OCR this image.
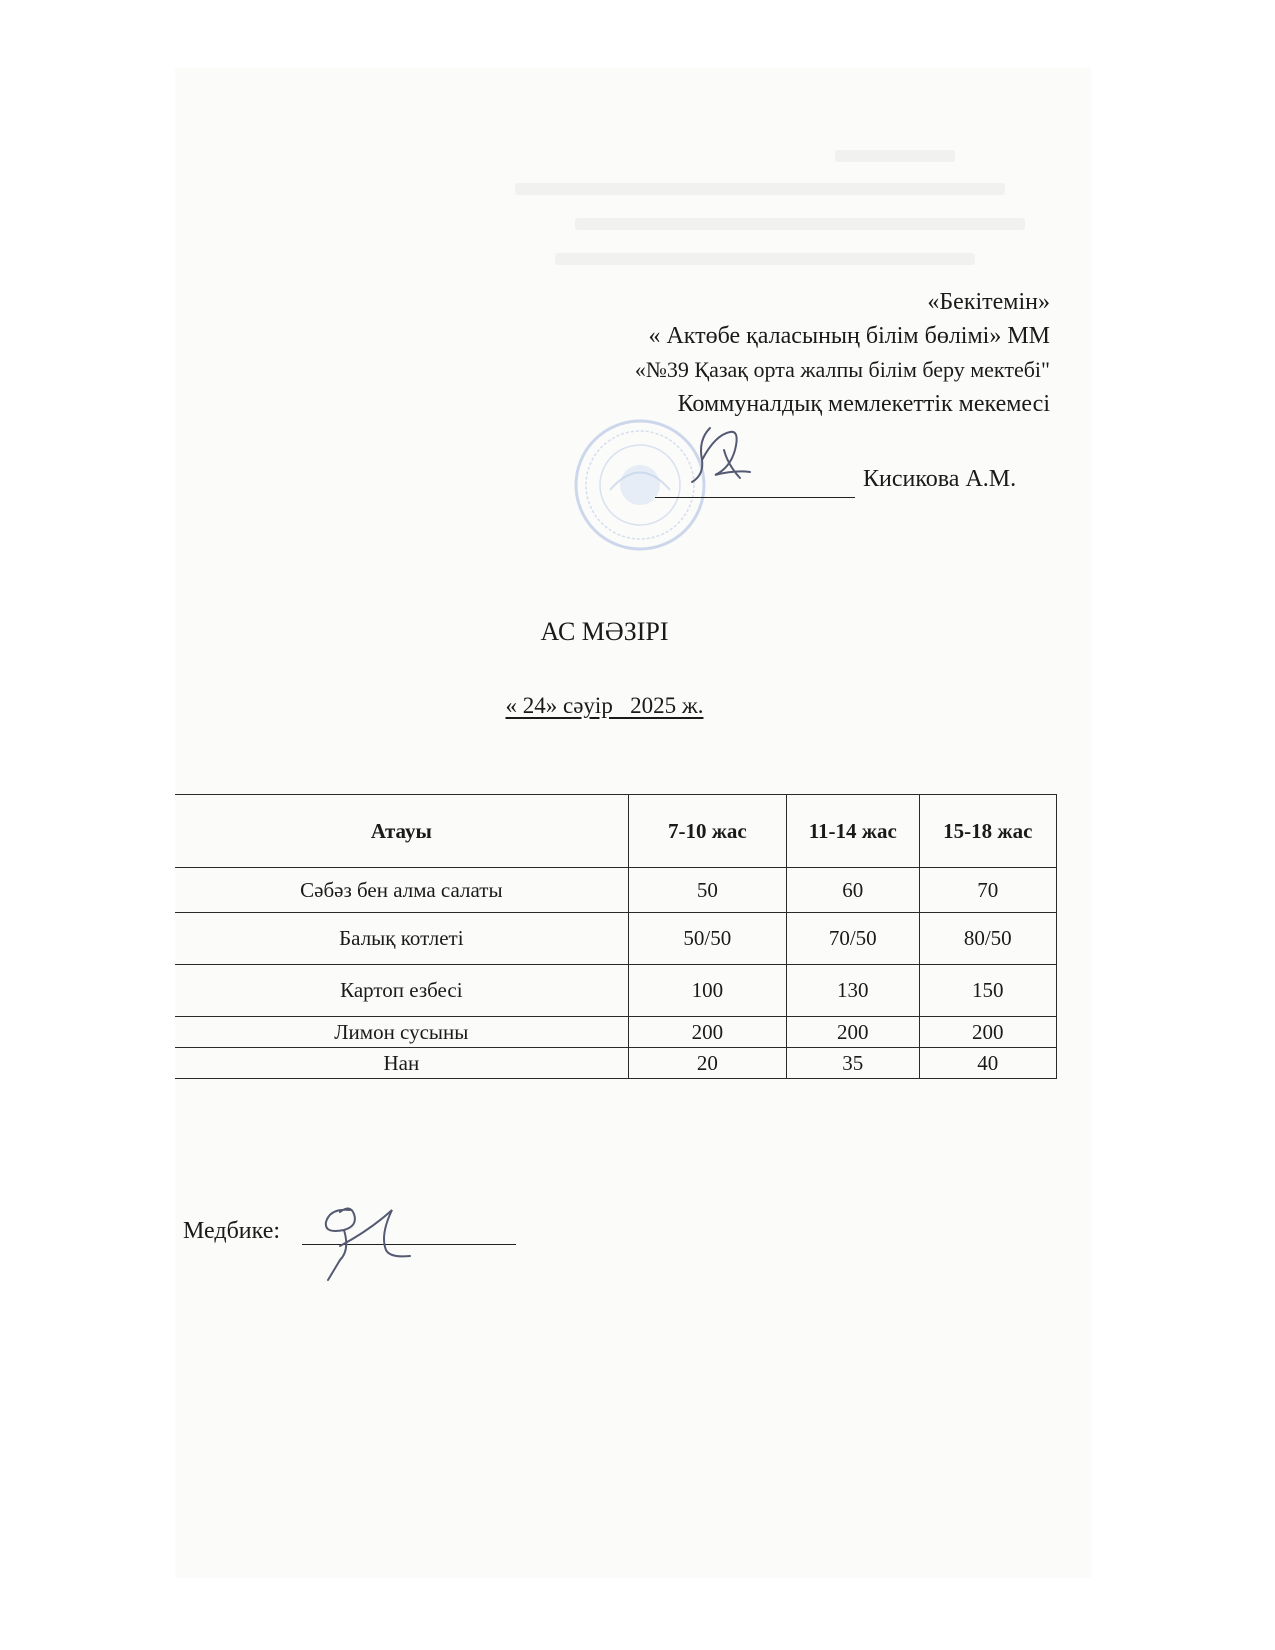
«Бекітемін»
« Актөбе қаласының білім бөлімі» ММ
«№39 Қазақ орта жалпы білім беру мектебі"
Коммуналдық мемлекеттік мекемесі
Кисикова А.М.
АС МӘЗІРІ
« 24» сәуір   2025 ж.
Атауы	7-10 жас	11-14 жас	15-18 жас
Сәбәз бен алма салаты	50	60	70
Балық котлеті	50/50	70/50	80/50
Картоп езбесі	100	130	150
Лимон сусыны	200	200	200
Нан	20	35	40
Медбике:
